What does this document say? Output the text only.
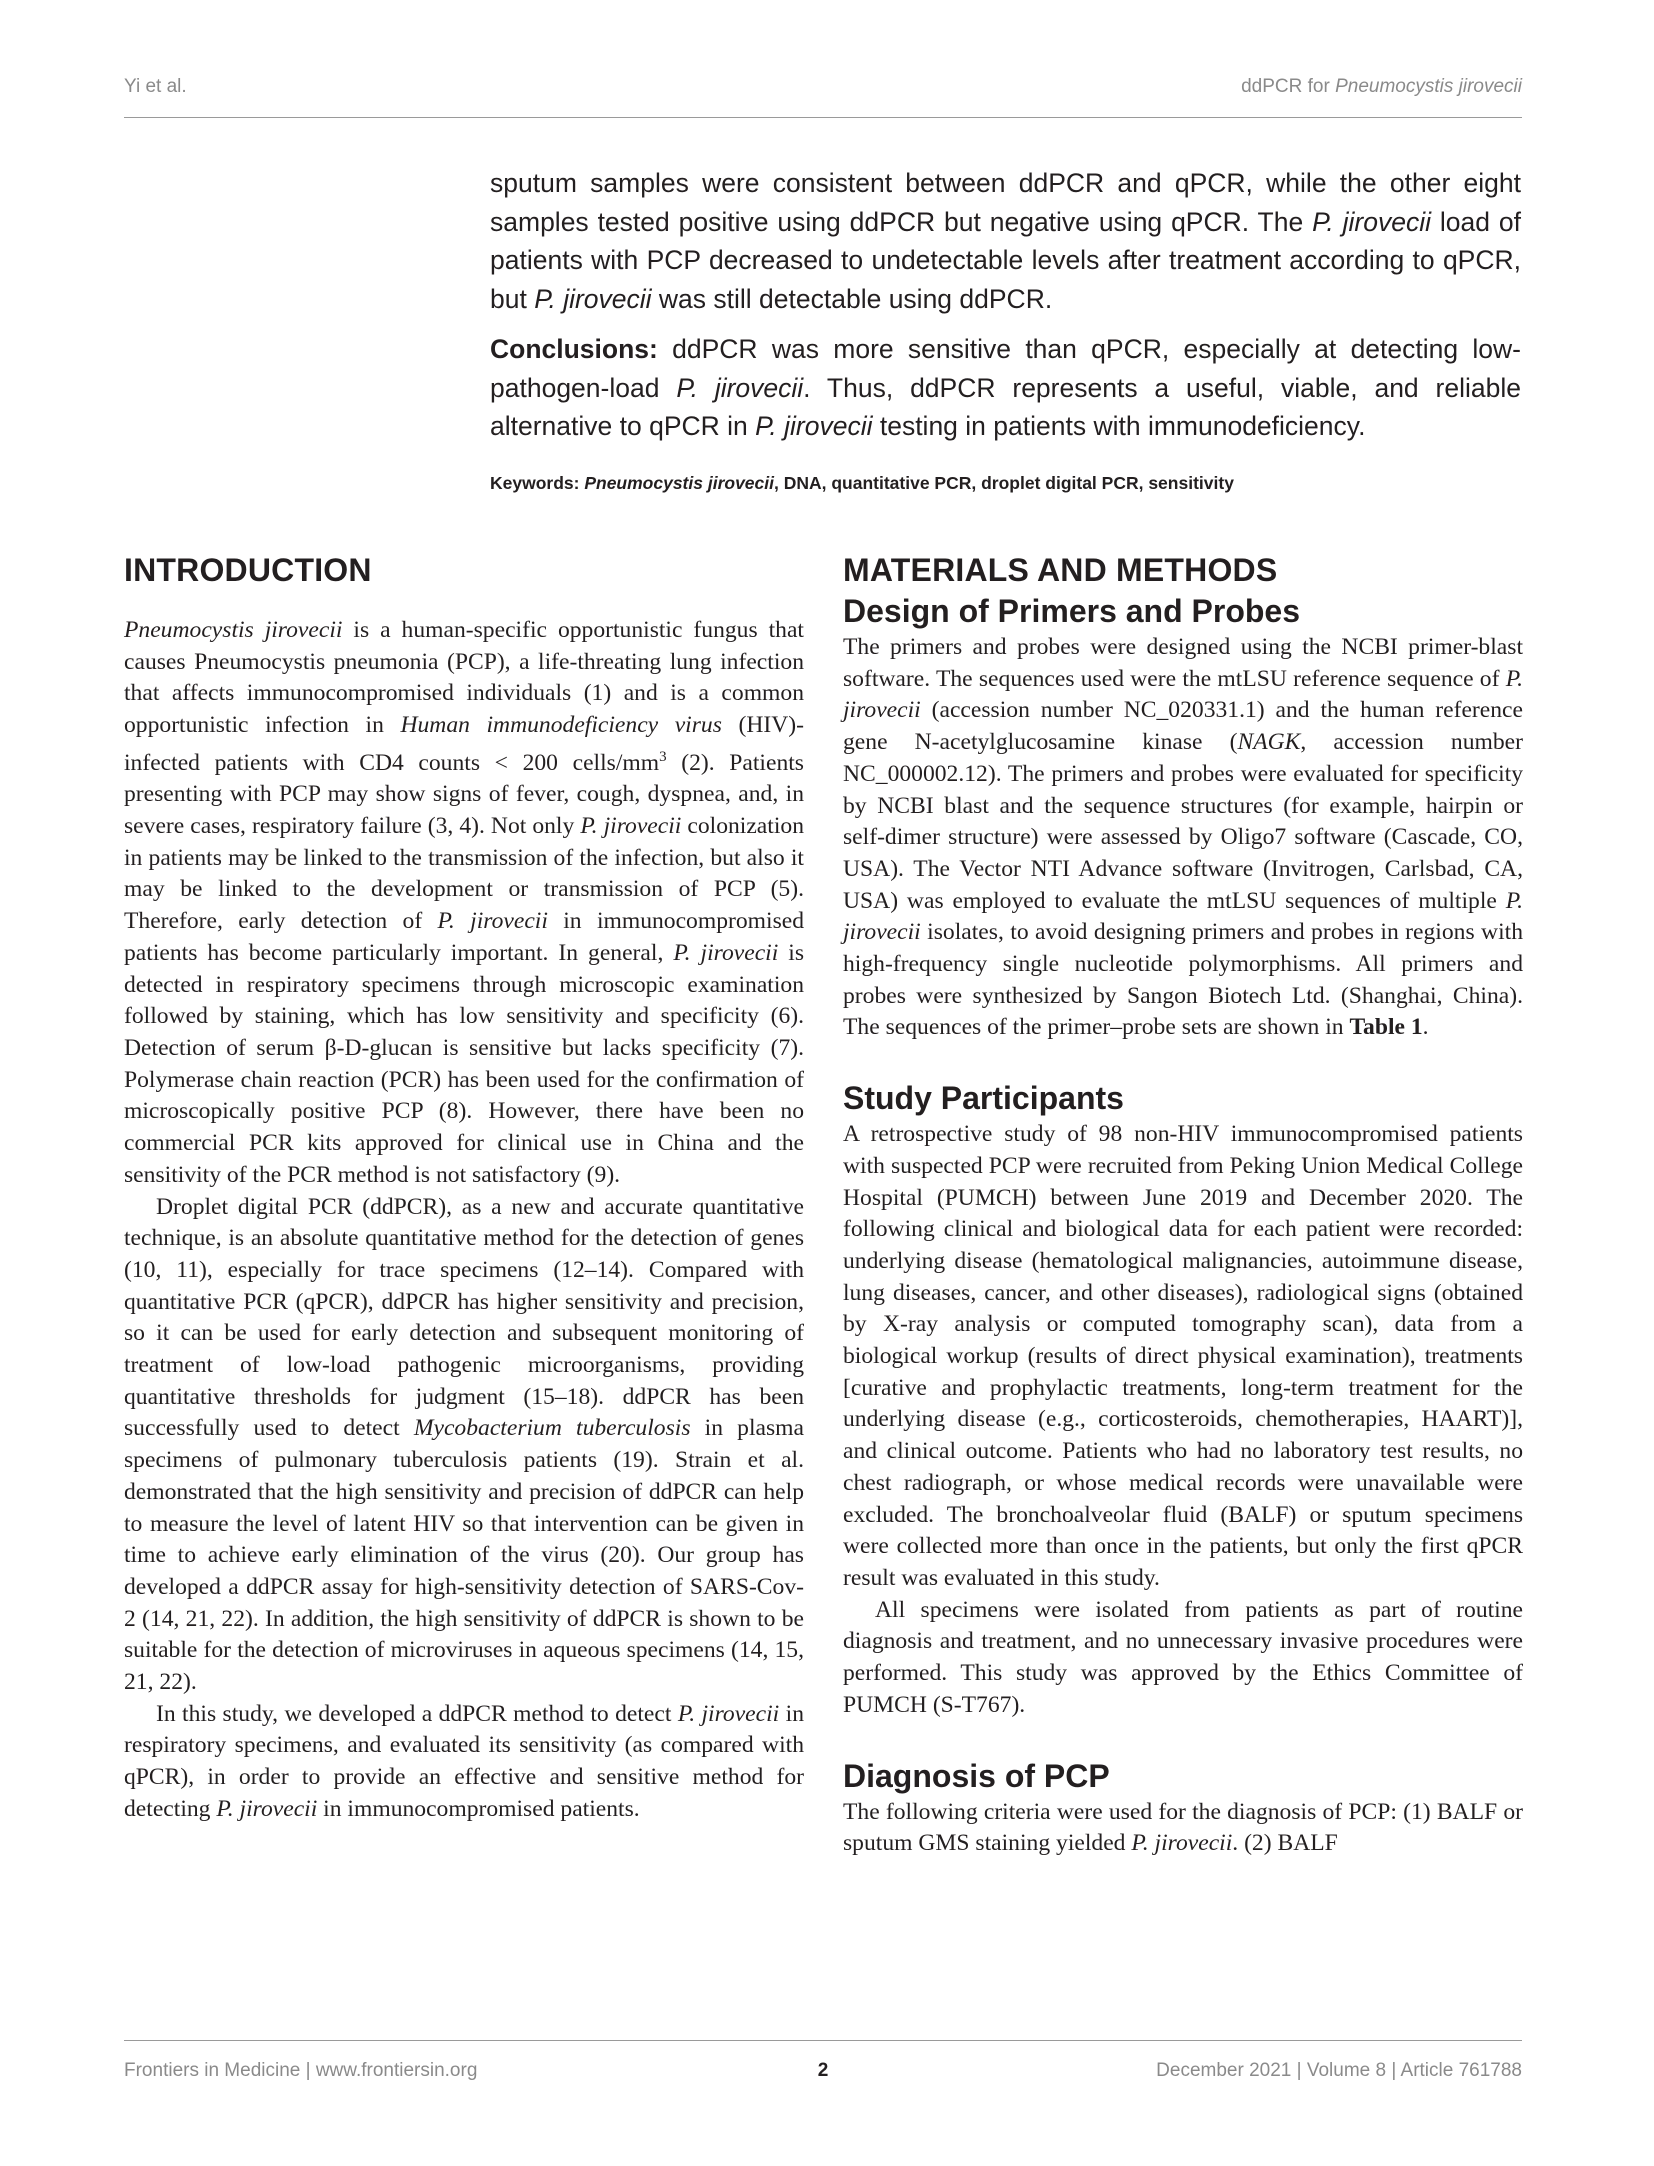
Yi et al.	ddPCR for Pneumocystis jirovecii

sputum samples were consistent between ddPCR and qPCR, while the other eight samples tested positive using ddPCR but negative using qPCR. The P. jirovecii load of patients with PCP decreased to undetectable levels after treatment according to qPCR, but P. jirovecii was still detectable using ddPCR.

Conclusions: ddPCR was more sensitive than qPCR, especially at detecting low-pathogen-load P. jirovecii. Thus, ddPCR represents a useful, viable, and reliable alternative to qPCR in P. jirovecii testing in patients with immunodeficiency.

Keywords: Pneumocystis jirovecii, DNA, quantitative PCR, droplet digital PCR, sensitivity
INTRODUCTION

Pneumocystis jirovecii is a human-specific opportunistic fungus that causes Pneumocystis pneumonia (PCP), a life-threating lung infection that affects immunocompromised individuals (1) and is a common opportunistic infection in Human immunodeficiency virus (HIV)-infected patients with CD4 counts < 200 cells/$mm^3$ (2). Patients presenting with PCP may show signs of fever, cough, dyspnea, and, in severe cases, respiratory failure (3, 4). Not only P. jirovecii colonization in patients may be linked to the transmission of the infection, but also it may be linked to the development or transmission of PCP (5). Therefore, early detection of P. jirovecii in immunocompromised patients has become particularly important. In general, P. jirovecii is detected in respiratory specimens through microscopic examination followed by staining, which has low sensitivity and specificity (6). Detection of serum β-D-glucan is sensitive but lacks specificity (7). Polymerase chain reaction (PCR) has been used for the confirmation of microscopically positive PCP (8). However, there have been no commercial PCR kits approved for clinical use in China and the sensitivity of the PCR method is not satisfactory (9).

Droplet digital PCR (ddPCR), as a new and accurate quantitative technique, is an absolute quantitative method for the detection of genes (10, 11), especially for trace specimens (12–14). Compared with quantitative PCR (qPCR), ddPCR has higher sensitivity and precision, so it can be used for early detection and subsequent monitoring of treatment of low-load pathogenic microorganisms, providing quantitative thresholds for judgment (15–18). ddPCR has been successfully used to detect Mycobacterium tuberculosis in plasma specimens of pulmonary tuberculosis patients (19). Strain et al. demonstrated that the high sensitivity and precision of ddPCR can help to measure the level of latent HIV so that intervention can be given in time to achieve early elimination of the virus (20). Our group has developed a ddPCR assay for high-sensitivity detection of SARS-Cov-2 (14, 21, 22). In addition, the high sensitivity of ddPCR is shown to be suitable for the detection of microviruses in aqueous specimens (14, 15, 21, 22).

In this study, we developed a ddPCR method to detect P. jirovecii in respiratory specimens, and evaluated its sensitivity (as compared with qPCR), in order to provide an effective and sensitive method for detecting P. jirovecii in immunocompromised patients.

MATERIALS AND METHODS
Design of Primers and Probes

The primers and probes were designed using the NCBI primer-blast software. The sequences used were the mtLSU reference sequence of P. jirovecii (accession number NC_020331.1) and the human reference gene N-acetylglucosamine kinase (NAGK, accession number NC_000002.12). The primers and probes were evaluated for specificity by NCBI blast and the sequence structures (for example, hairpin or self-dimer structure) were assessed by Oligo7 software (Cascade, CO, USA). The Vector NTI Advance software (Invitrogen, Carlsbad, CA, USA) was employed to evaluate the mtLSU sequences of multiple P. jirovecii isolates, to avoid designing primers and probes in regions with high-frequency single nucleotide polymorphisms. All primers and probes were synthesized by Sangon Biotech Ltd. (Shanghai, China). The sequences of the primer–probe sets are shown in Table 1.

Study Participants

A retrospective study of 98 non-HIV immunocompromised patients with suspected PCP were recruited from Peking Union Medical College Hospital (PUMCH) between June 2019 and December 2020. The following clinical and biological data for each patient were recorded: underlying disease (hematological malignancies, autoimmune disease, lung diseases, cancer, and other diseases), radiological signs (obtained by X-ray analysis or computed tomography scan), data from a biological workup (results of direct physical examination), treatments [curative and prophylactic treatments, long-term treatment for the underlying disease (e.g., corticosteroids, chemotherapies, HAART)], and clinical outcome. Patients who had no laboratory test results, no chest radiograph, or whose medical records were unavailable were excluded. The bronchoalveolar fluid (BALF) or sputum specimens were collected more than once in the patients, but only the first qPCR result was evaluated in this study.

All specimens were isolated from patients as part of routine diagnosis and treatment, and no unnecessary invasive procedures were performed. This study was approved by the Ethics Committee of PUMCH (S-T767).

Diagnosis of PCP

The following criteria were used for the diagnosis of PCP: (1) BALF or sputum GMS staining yielded P. jirovecii. (2) BALF

Frontiers in Medicine | www.frontiersin.org	2	December 2021 | Volume 8 | Article 761788
